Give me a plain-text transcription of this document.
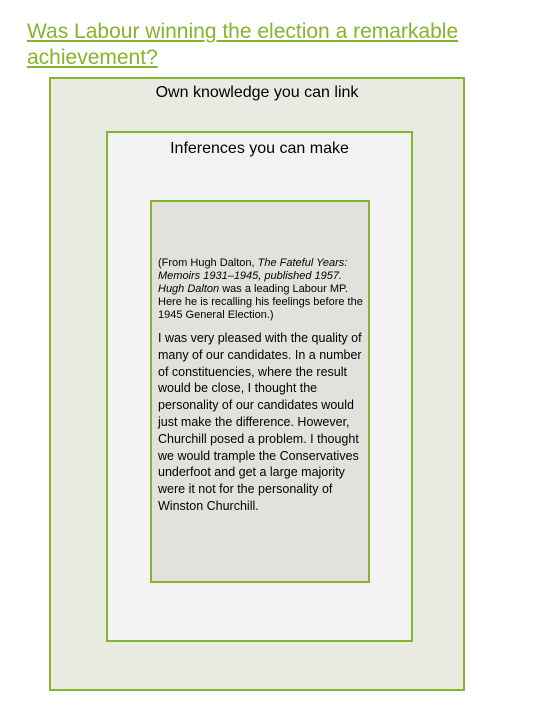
Was Labour winning the election a remarkable achievement?
Own knowledge you can link
Inferences you can make

(From Hugh Dalton, The Fateful Years: Memoirs 1931–1945, published 1957. Hugh Dalton was a leading Labour MP. Here he is recalling his feelings before the 1945 General Election.)

I was very pleased with the quality of many of our candidates. In a number of constituencies, where the result would be close, I thought the personality of our candidates would just make the difference. However, Churchill posed a problem. I thought we would trample the Conservatives underfoot and get a large majority were it not for the personality of Winston Churchill.
